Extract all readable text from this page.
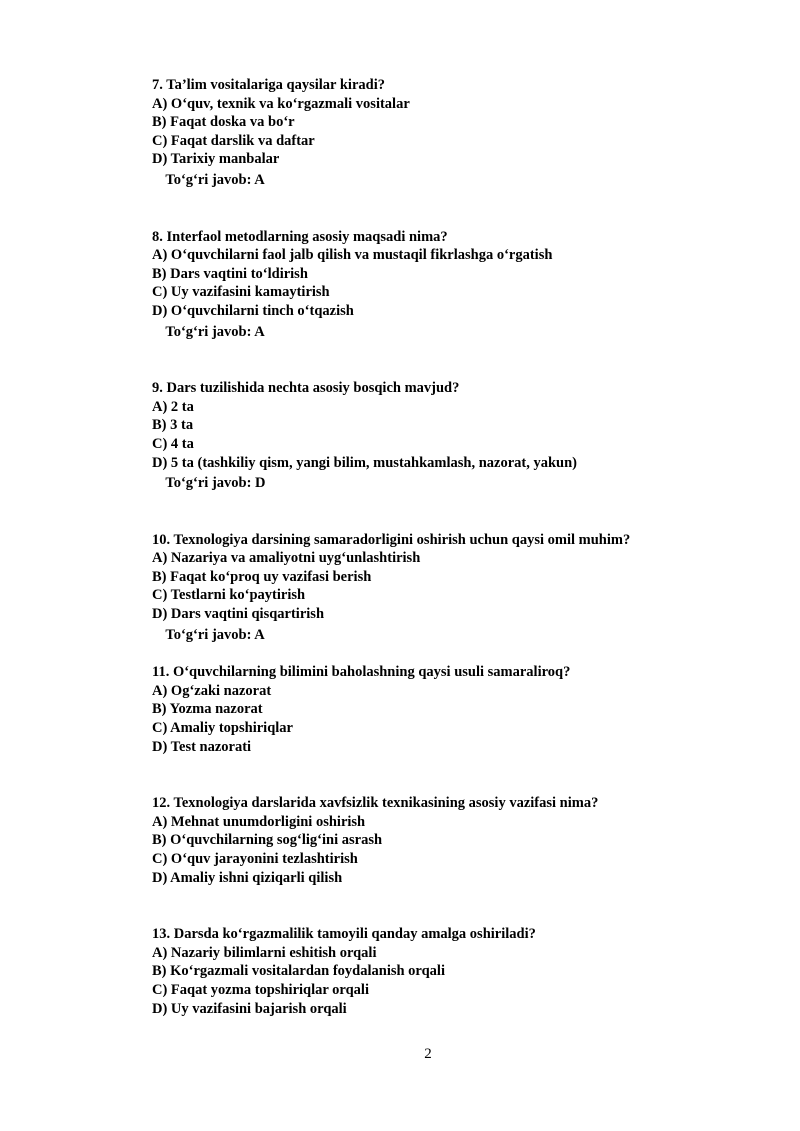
7. Ta’lim vositalariga qaysilar kiradi?
A) O‘quv, texnik va ko‘rgazmali vositalar
B) Faqat doska va bo‘r
C) Faqat darslik va daftar
D) Tarixiy manbalar
To‘g‘ri javob: A
8. Interfaol metodlarning asosiy maqsadi nima?
A) O‘quvchilarni faol jalb qilish va mustaqil fikrlashga o‘rgatish
B) Dars vaqtini to‘ldirish
C) Uy vazifasini kamaytirish
D) O‘quvchilarni tinch o‘tqazish
To‘g‘ri javob: A
9. Dars tuzilishida nechta asosiy bosqich mavjud?
A) 2 ta
B) 3 ta
C) 4 ta
D) 5 ta (tashkiliy qism, yangi bilim, mustahkamlash, nazorat, yakun)
To‘g‘ri javob: D
10. Texnologiya darsining samaradorligini oshirish uchun qaysi omil muhim?
A) Nazariya va amaliyotni uyg‘unlashtirish
B) Faqat ko‘proq uy vazifasi berish
C) Testlarni ko‘paytirish
D) Dars vaqtini qisqartirish
To‘g‘ri javob: A
11. O‘quvchilarning bilimini baholashning qaysi usuli samaraliroq?
A) Og‘zaki nazorat
B) Yozma nazorat
C) Amaliy topshiriqlar
D) Test nazorati
12. Texnologiya darslarida xavfsizlik texnikasining asosiy vazifasi nima?
A) Mehnat unumdorligini oshirish
B) O‘quvchilarning sog‘lig‘ini asrash
C) O‘quv jarayonini tezlashtirish
D) Amaliy ishni qiziqarli qilish
13. Darsda ko‘rgazmalilik tamoyili qanday amalga oshiriladi?
A) Nazariy bilimlarni eshitish orqali
B) Ko‘rgazmali vositalardan foydalanish orqali
C) Faqat yozma topshiriqlar orqali
D) Uy vazifasini bajarish orqali
2
